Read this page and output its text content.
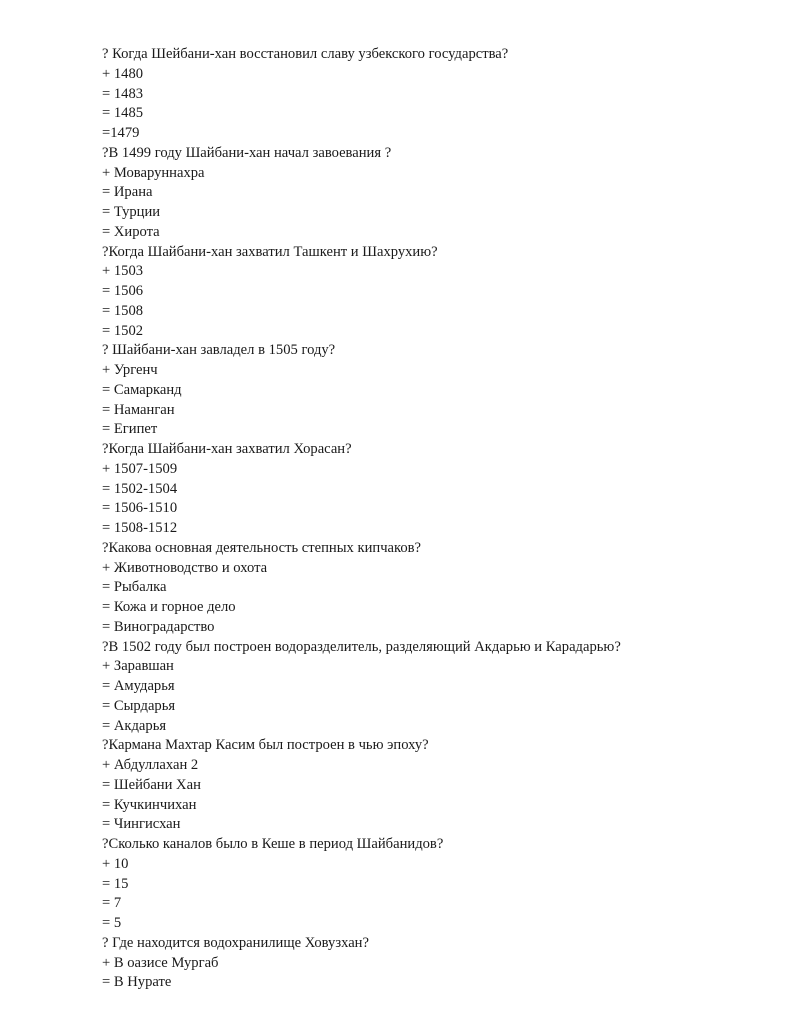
? Когда Шейбани-хан восстановил славу узбекского государства?
+ 1480
= 1483
= 1485
=1479
?В 1499 году Шайбани-хан начал завоевания ?
+ Моваруннахра
= Ирана
= Турции
= Хирота
?Когда Шайбани-хан захватил Ташкент и Шахрухию?
+ 1503
= 1506
= 1508
= 1502
? Шайбани-хан завладел в 1505 году?
+ Ургенч
= Самарканд
= Наманган
= Египет
?Когда Шайбани-хан захватил Хорасан?
+ 1507-1509
= 1502-1504
= 1506-1510
= 1508-1512
?Какова основная деятельность степных кипчаков?
+ Животноводство и охота
= Рыбалка
= Кожа и горное дело
= Виноградарство
?В 1502 году был построен водоразделитель, разделяющий Акдарью и Карадарью?
+ Заравшан
= Амударья
= Сырдарья
= Акдарья
?Кармана Махтар Касим был построен в чью эпоху?
+ Абдуллахан 2
= Шейбани Хан
= Кучкинчихан
= Чингисхан
?Сколько каналов было в Кеше в период Шайбанидов?
+ 10
= 15
= 7
= 5
? Где находится водохранилище Ховузхан?
+ В оазисе Мургаб
= В Нурате
